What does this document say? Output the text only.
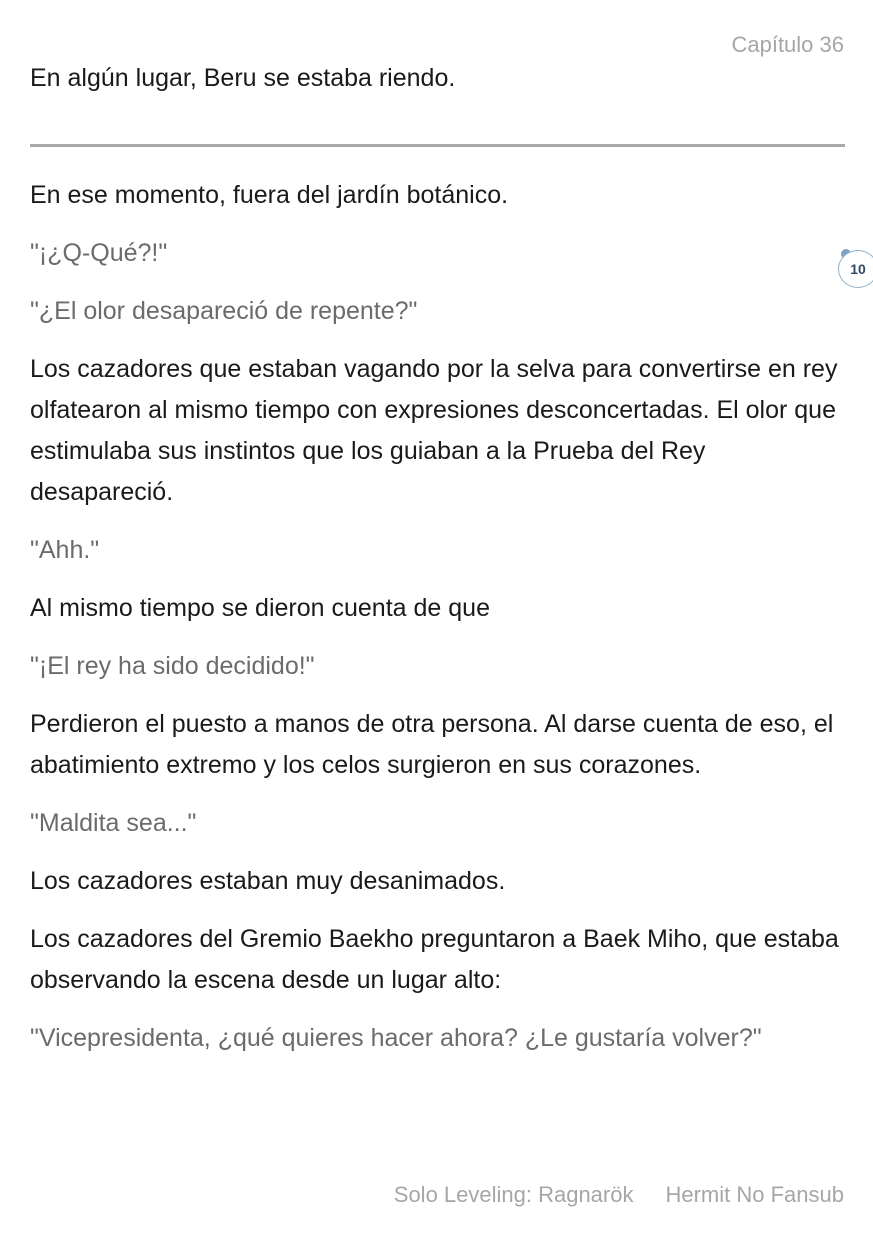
Capítulo 36

En algún lugar, Beru se estaba riendo.

En ese momento, fuera del jardín botánico.

"¡¿Q-Qué?!"

"¿El olor desapareció de repente?"

Los cazadores que estaban vagando por la selva para convertirse en rey olfatearon al mismo tiempo con expresiones desconcertadas. El olor que estimulaba sus instintos que los guiaban a la Prueba del Rey desapareció.

"Ahh."

Al mismo tiempo se dieron cuenta de que

"¡El rey ha sido decidido!"

Perdieron el puesto a manos de otra persona. Al darse cuenta de eso, el abatimiento extremo y los celos surgieron en sus corazones.

"Maldita sea..."

Los cazadores estaban muy desanimados.

Los cazadores del Gremio Baekho preguntaron a Baek Miho, que estaba observando la escena desde un lugar alto:

"Vicepresidenta, ¿qué quieres hacer ahora? ¿Le gustaría volver?"

10
Solo Leveling: Ragnarök Hermit No Fansub
